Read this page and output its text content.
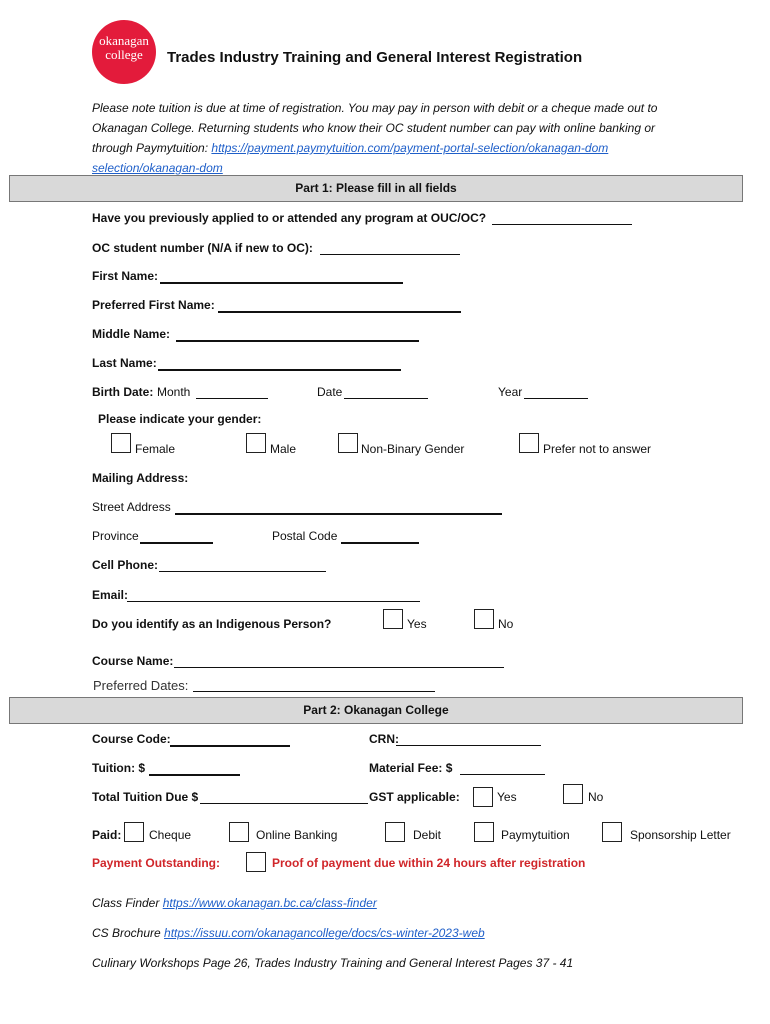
okanagan
college	Trades Industry Training and General Interest Registration
Please note tuition is due at time of registration. You may pay in person with debit or a cheque made out to Okanagan College. Returning students who know their OC student number can pay with online banking or through Paymytuition: https://payment.paymytuition.com/payment-portal-selection/okanagan-dom selection/okanagan-dom
Part 1: Please fill in all fields
Have you previously applied to or attended any program at OUC/OC?
OC student number (N/A if new to OC):
First Name:
Preferred First Name:
Middle Name:
Last Name:
Birth Date: Month	Date	Year
Please indicate your gender:
Female	Male	Non-Binary Gender	Prefer not to answer
Mailing Address:
Street Address
Province	Postal Code
Cell Phone:
Email:
Do you identify as an Indigenous Person?	Yes	No
Course Name:
Preferred Dates:
Part 2: Okanagan College
Course Code:	CRN:
Tuition: $	Material Fee: $
Total Tuition Due $	GST applicable:	Yes	No
Paid: Cheque	Online Banking	Debit	Paymytuition	Sponsorship Letter
Payment Outstanding:	Proof of payment due within 24 hours after registration
Class Finder https://www.okanagan.bc.ca/class-finder
CS Brochure https://issuu.com/okanagancollege/docs/cs-winter-2023-web
Culinary Workshops Page 26, Trades Industry Training and General Interest Pages 37 - 41
